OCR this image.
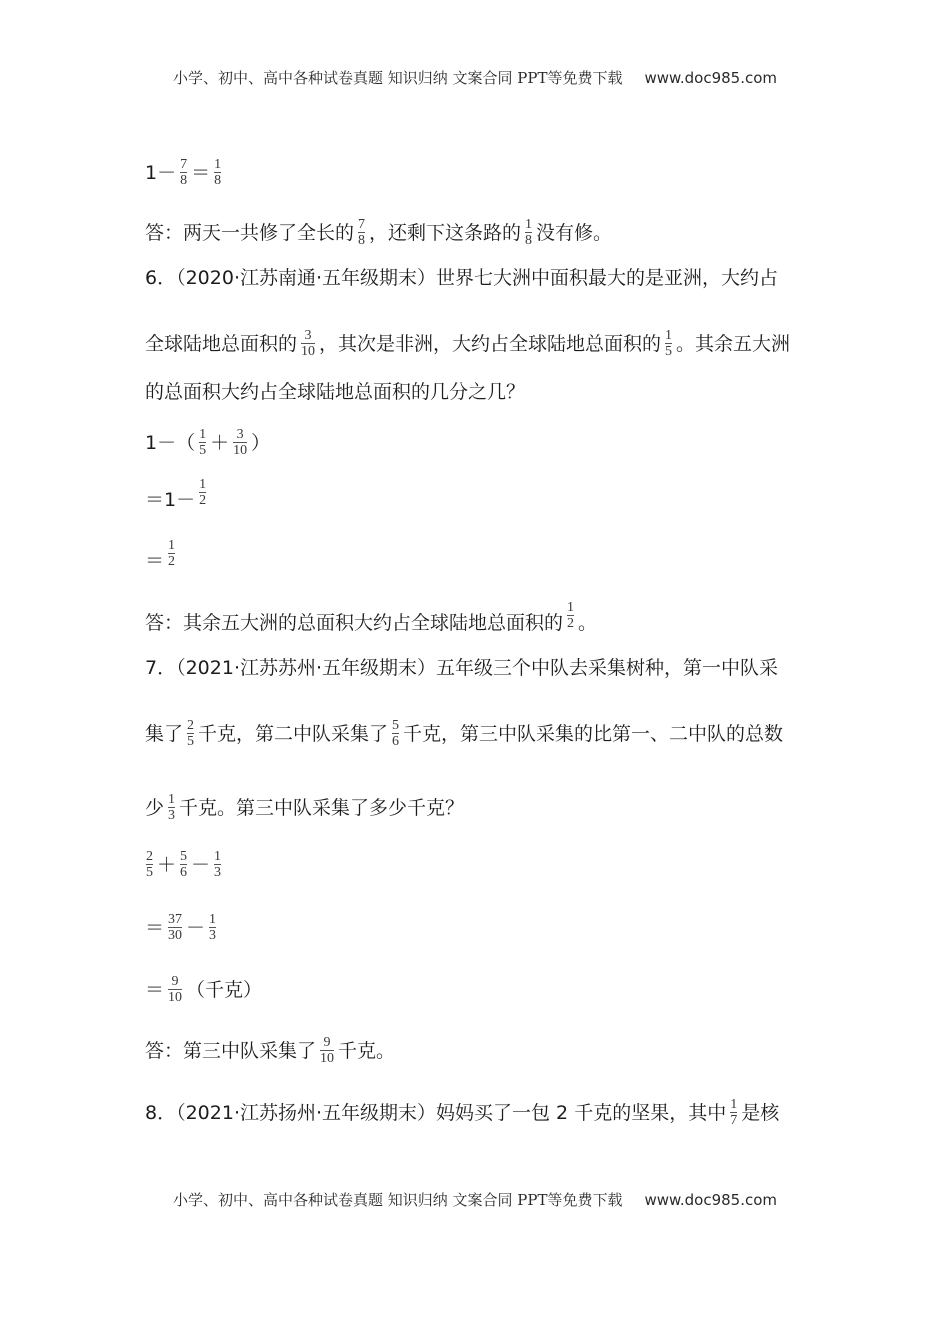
小学、初中、高中各种试卷真题 知识归纳 文案合同 PPT等免费下载 www.doc985.com
$1- \frac{7}{8} = \frac{1}{8}$
答：两天一共修了全长的 $\frac{7}{8}$ ，还剩下这条路的 $\frac{1}{8}$ 没有修。
6．（2020·江苏南通·五年级期末）世界七大洲中面积最大的是亚洲，大约占
全球陆地总面积的 $\frac{3}{10}$ ，其次是非洲，大约占全球陆地总面积的 $\frac{1}{5}$ 。其余五大洲
的总面积大约占全球陆地总面积的几分之几？
$1-( \frac{1}{5} + \frac{3}{10}$ ）
$=1- \frac{1}{2}$
＝ $\frac{1}{2}$
答：其余五大洲的总面积大约占全球陆地总面积的 $\frac{1}{2}$ 。
7．（2021·江苏苏州·五年级期末）五年级三个中队去采集树种，第一中队采
集了 $\frac{2}{5}$ 千克，第二中队采集了 $\frac{5}{6}$ 千克，第三中队采集的比第一、二中队的总数
少 $\frac{1}{3}$ 千克。第三中队采集了多少千克？
$\frac{2}{5} + \frac{5}{6} - \frac{1}{3}$
＝ $\frac{37}{30} - \frac{1}{3}$
＝ $\frac{9}{10}$ （千克）
答：第三中队采集了 $\frac{9}{10}$ 千克。
8．（2021·江苏扬州·五年级期末）妈妈买了一包 2 千克的坚果，其中 $\frac{1}{7}$ 是核
小学、初中、高中各种试卷真题 知识归纳 文案合同 PPT等免费下载 www.doc985.com
